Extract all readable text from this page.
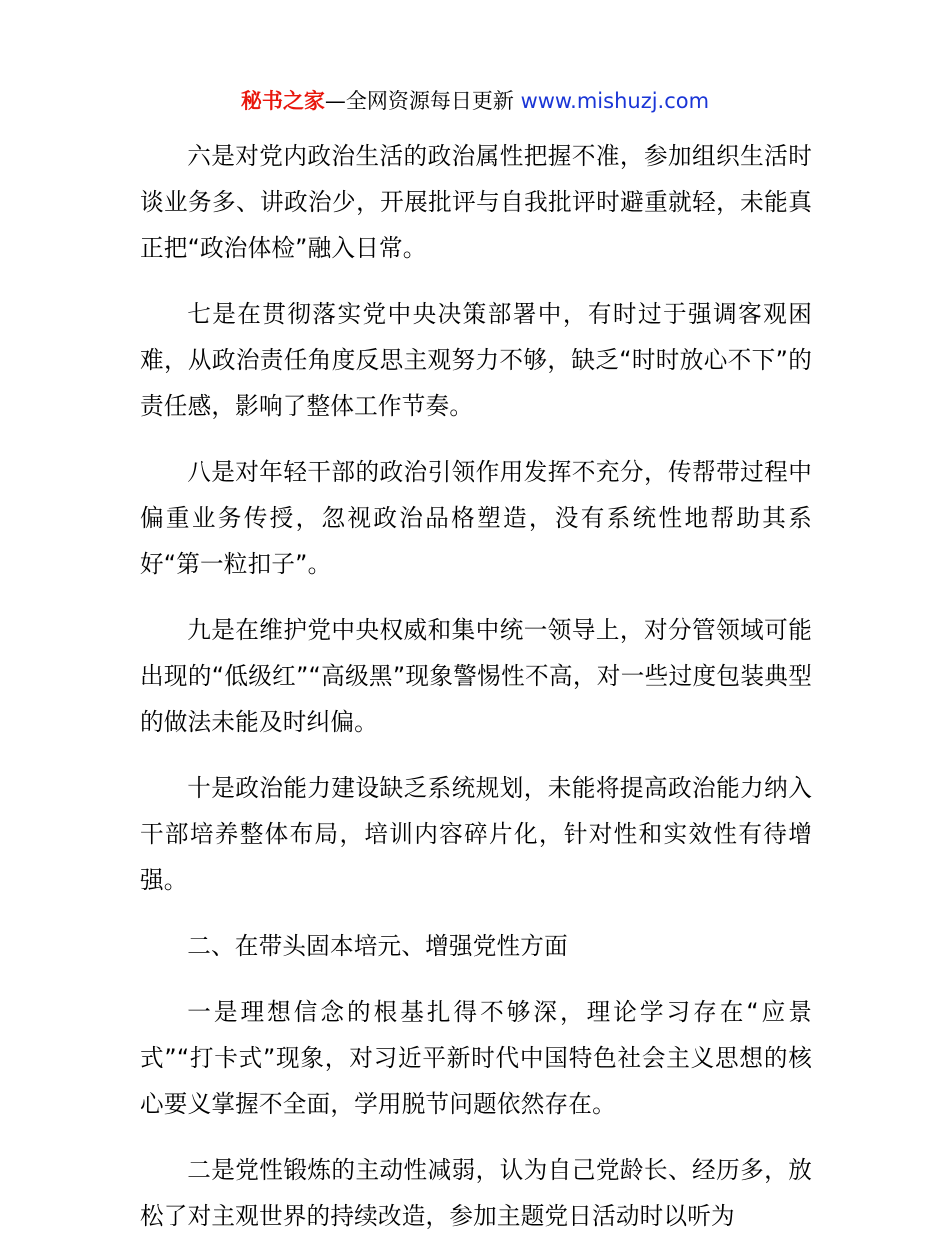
秘书之家—全网资源每日更新 www.mishuzj.com

六是对党内政治生活的政治属性把握不准，参加组织生活时谈业务多、讲政治少，开展批评与自我批评时避重就轻，未能真正把“政治体检”融入日常。

七是在贯彻落实党中央决策部署中，有时过于强调客观困难，从政治责任角度反思主观努力不够，缺乏“时时放心不下”的责任感，影响了整体工作节奏。

八是对年轻干部的政治引领作用发挥不充分，传帮带过程中偏重业务传授，忽视政治品格塑造，没有系统性地帮助其系好“第一粒扣子”。

九是在维护党中央权威和集中统一领导上，对分管领域可能出现的“低级红”“高级黑”现象警惕性不高，对一些过度包装典型的做法未能及时纠偏。

十是政治能力建设缺乏系统规划，未能将提高政治能力纳入干部培养整体布局，培训内容碎片化，针对性和实效性有待增强。

二、在带头固本培元、增强党性方面

一是理想信念的根基扎得不够深，理论学习存在“应景式”“打卡式”现象，对习近平新时代中国特色社会主义思想的核心要义掌握不全面，学用脱节问题依然存在。

二是党性锻炼的主动性减弱，认为自己党龄长、经历多，放松了对主观世界的持续改造，参加主题党日活动时以听为
